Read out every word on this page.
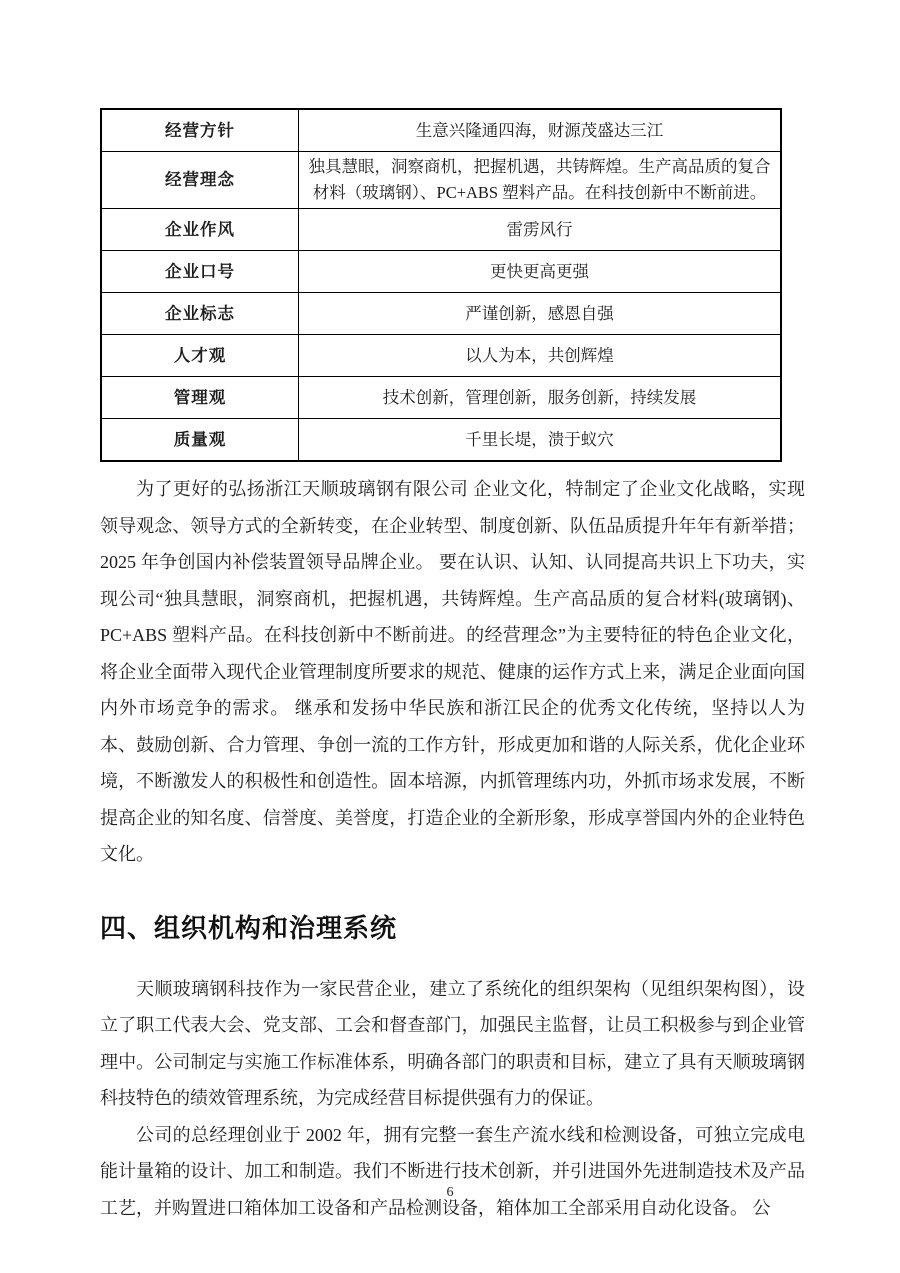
经营方针	生意兴隆通四海，财源茂盛达三江
经营理念	独具慧眼，洞察商机，把握机遇，共铸辉煌。生产高品质的复合材料（玻璃钢）、PC+ABS 塑料产品。在科技创新中不断前进。
企业作风	雷雳风行
企业口号	更快更高更强
企业标志	严谨创新，感恩自强
人才观	以人为本，共创辉煌
管理观	技术创新，管理创新，服务创新，持续发展
质量观	千里长堤，溃于蚁穴

为了更好的弘扬浙江天顺玻璃钢有限公司 企业文化，特制定了企业文化战略，实现领导观念、领导方式的全新转变，在企业转型、制度创新、队伍品质提升年年有新举措；2025 年争创国内补偿装置领导品牌企业。 要在认识、认知、认同提高共识上下功夫，实现公司“独具慧眼，洞察商机，把握机遇，共铸辉煌。生产高品质的复合材料(玻璃钢)、PC+ABS 塑料产品。在科技创新中不断前进。的经营理念”为主要特征的特色企业文化，将企业全面带入现代企业管理制度所要求的规范、健康的运作方式上来，满足企业面向国内外市场竞争的需求。 继承和发扬中华民族和浙江民企的优秀文化传统，坚持以人为本、鼓励创新、合力管理、争创一流的工作方针，形成更加和谐的人际关系，优化企业环境，不断激发人的积极性和创造性。固本培源，内抓管理练内功，外抓市场求发展，不断提高企业的知名度、信誉度、美誉度，打造企业的全新形象，形成享誉国内外的企业特色文化。

四、组织机构和治理系统

天顺玻璃钢科技作为一家民营企业，建立了系统化的组织架构（见组织架构图），设立了职工代表大会、党支部、工会和督查部门，加强民主监督，让员工积极参与到企业管理中。公司制定与实施工作标准体系，明确各部门的职责和目标，建立了具有天顺玻璃钢科技特色的绩效管理系统，为完成经营目标提供强有力的保证。

公司的总经理创业于 2002 年，拥有完整一套生产流水线和检测设备，可独立完成电能计量箱的设计、加工和制造。我们不断进行技术创新，并引进国外先进制造技术及产品工艺，并购置进口箱体加工设备和产品检测设备，箱体加工全部采用自动化设备。 公

6
